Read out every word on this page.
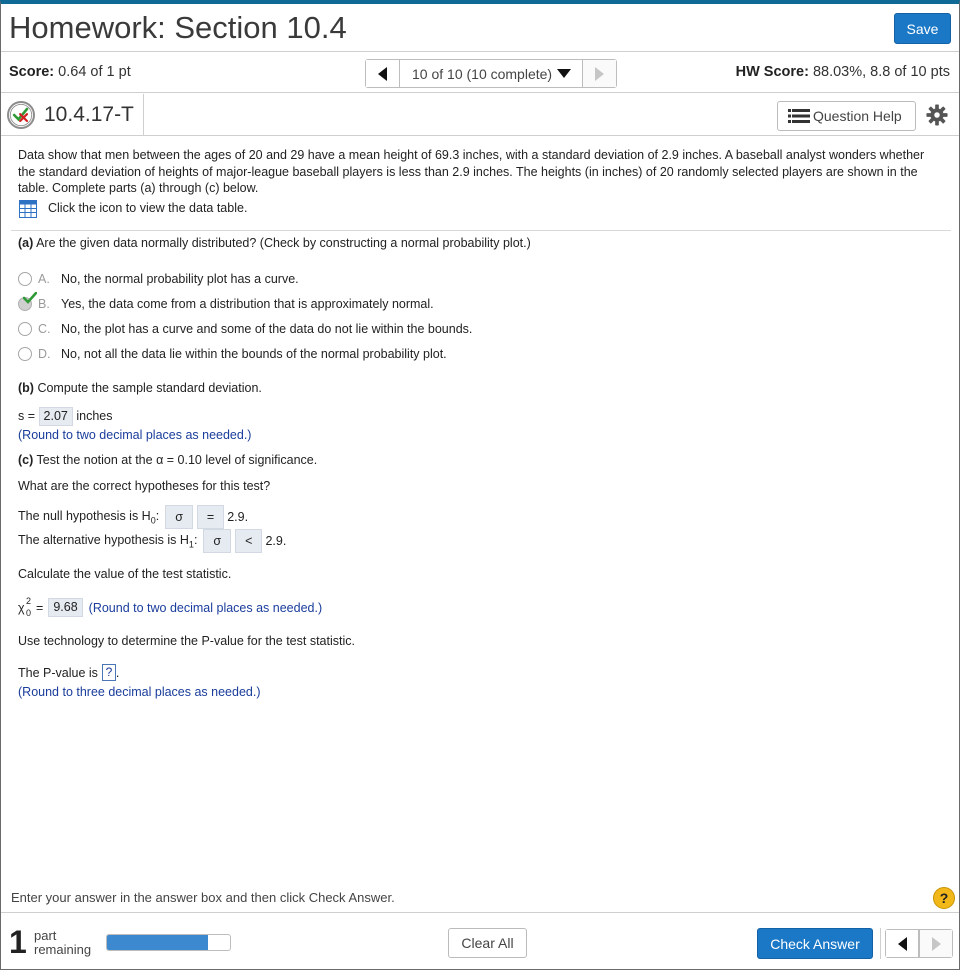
Homework: Section 10.4	Save
Score: 0.64 of 1 pt	10 of 10 (10 complete)	HW Score: 88.03%, 8.8 of 10 pts
10.4.17-T	Question Help
Data show that men between the ages of 20 and 29 have a mean height of 69.3 inches, with a standard deviation of 2.9 inches. A baseball analyst wonders whether the standard deviation of heights of major-league baseball players is less than 2.9 inches. The heights (in inches) of 20 randomly selected players are shown in the table. Complete parts (a) through (c) below.
Click the icon to view the data table.
(a) Are the given data normally distributed? (Check by constructing a normal probability plot.)
A. No, the normal probability plot has a curve.
B. Yes, the data come from a distribution that is approximately normal.
C. No, the plot has a curve and some of the data do not lie within the bounds.
D. No, not all the data lie within the bounds of the normal probability plot.
(b) Compute the sample standard deviation.
s = 2.07 inches
(Round to two decimal places as needed.)
(c) Test the notion at the α = 0.10 level of significance.
What are the correct hypotheses for this test?
The null hypothesis is $H_0$:	σ	=	2.9.
The alternative hypothesis is $H_1$:	σ	<	2.9.
Calculate the value of the test statistic.
χ 2
0 = 9.68 (Round to two decimal places as needed.)
Use technology to determine the P-value for the test statistic.
The P-value is ? .
(Round to three decimal places as needed.)
Enter your answer in the answer box and then click Check Answer.	?
1 part
remaining	Clear All	Check Answer
